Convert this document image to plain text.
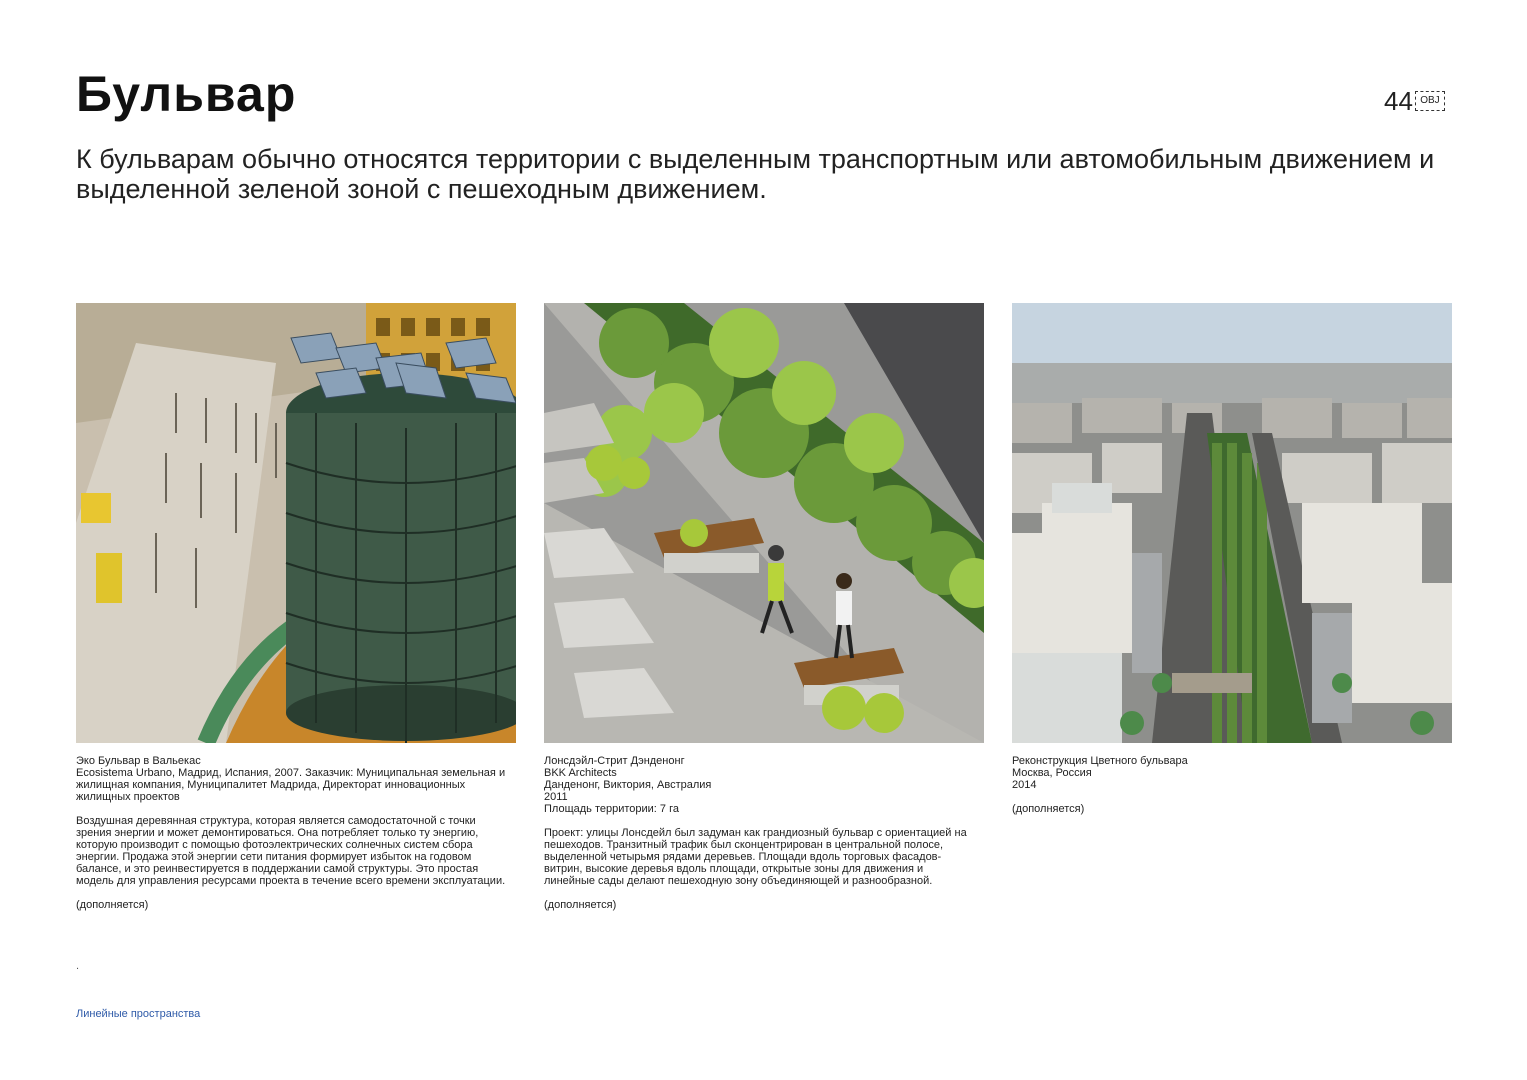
Бульвар	44 OBJ
К бульварам обычно относятся территории с выделенным транспортным или автомобильным движением и выделенной зеленой зоной с пешеходным движением.

Эко Бульвар в Вальекас

Ecosistema Urbano, Мадрид, Испания, 2007. Заказчик: Муниципальная земельная и жилищная компания, Муниципалитет Мадрида, Директорат инновационных жилищных проектов

Воздушная деревянная структура, которая является самодостаточной с точки зрения энергии и может демонтироваться. Она потребляет только ту энергию, которую производит с помощью фотоэлектрических солнечных систем сбора энергии. Продажа этой энергии сети питания формирует избыток на годовом балансе, и это реинвестируется в поддержании самой структуры. Это простая модель для управления ресурсами проекта в течение всего времени эксплуатации.

(дополняется)

Лонсдэйл-Стрит Дэнденонг

BKK Architects

Данденонг, Виктория, Австралия

2011

Площадь территории: 7 га

Проект: улицы Лонсдейл был задуман как грандиозный бульвар с ориентацией на пешеходов. Транзитный трафик был сконцентрирован в центральной полосе, выделенной четырьмя рядами деревьев. Площади вдоль торговых фасадов-витрин, высокие деревья вдоль площади, открытые зоны для движения и линейные сады делают пешеходную зону объединяющей и разнообразной.

(дополняется)

Реконструкция Цветного бульвара

Москва, Россия

2014

(дополняется)

.
Линейные пространства
